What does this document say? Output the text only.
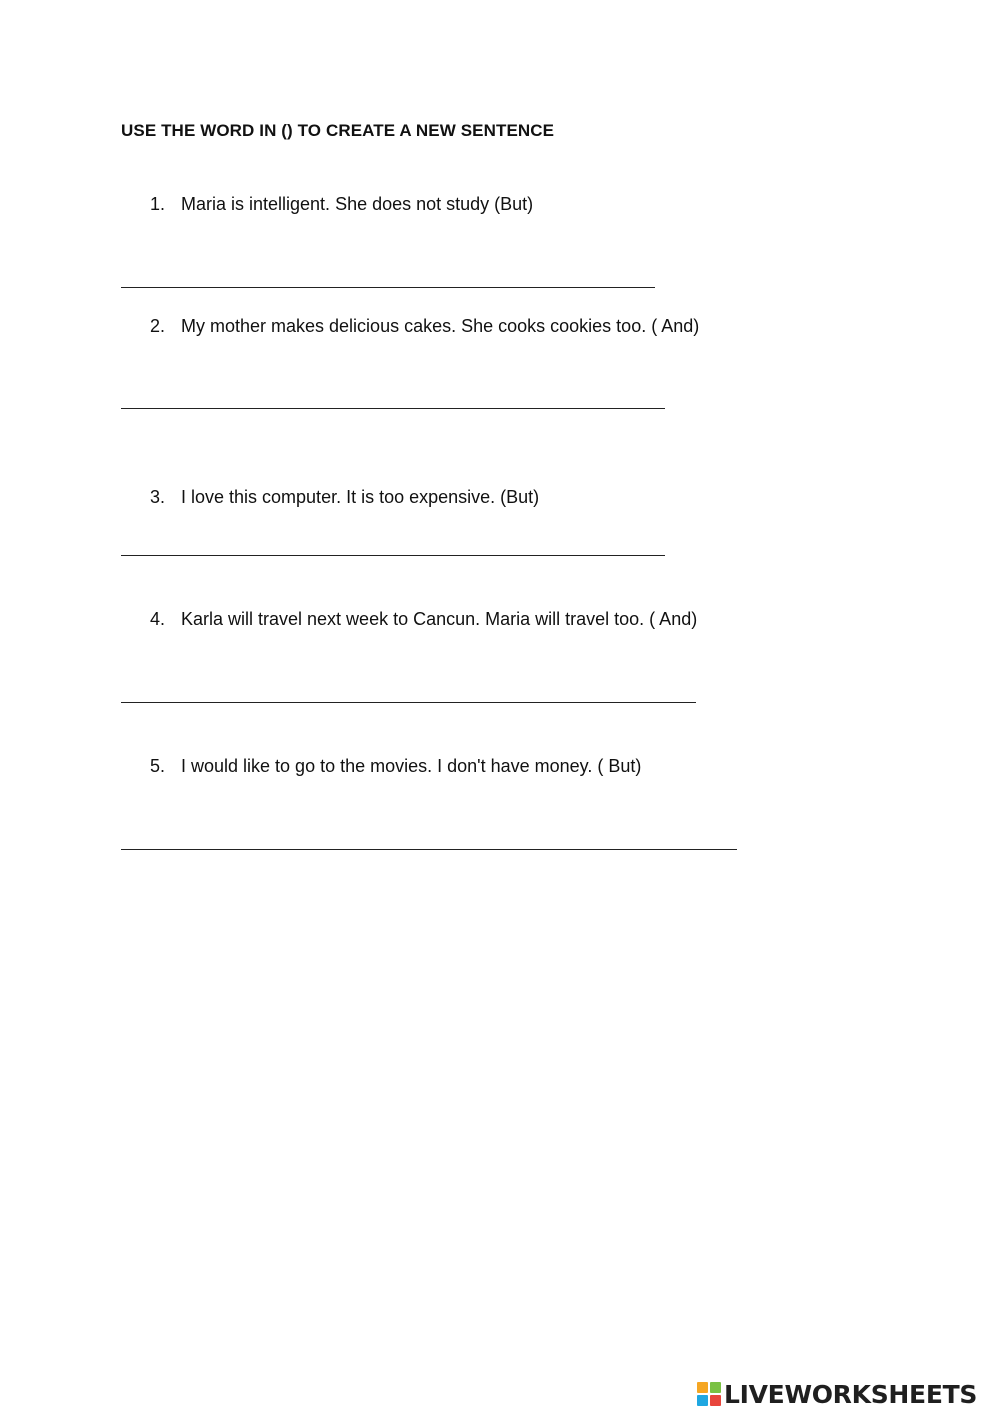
USE THE WORD IN () TO CREATE A NEW SENTENCE
1. Maria is intelligent. She does not study (But)
2. My mother makes delicious cakes. She cooks cookies too. ( And)
3. I love this computer. It is too expensive. (But)
4. Karla will travel next week to Cancun. Maria will travel too. ( And)
5. I would like to go to the movies. I don't have money. ( But)
LIVEWORKSHEETS
